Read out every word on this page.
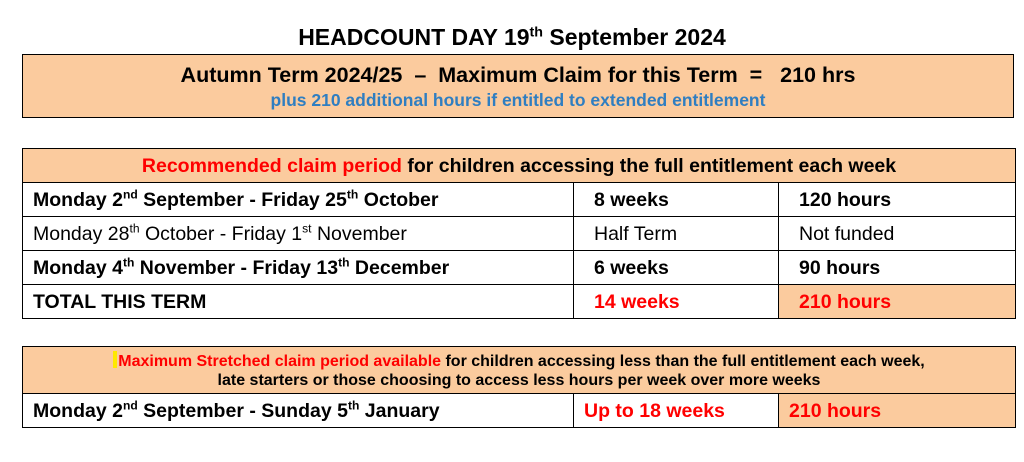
HEADCOUNT DAY 19th September 2024
Autumn Term 2024/25  –  Maximum Claim for this Term  =   210 hrs
plus 210 additional hours if entitled to extended entitlement
Recommended claim period for children accessing the full entitlement each week		
Monday 2nd September - Friday 25th October	8 weeks	120 hours
Monday 28th October - Friday 1st November	Half Term	Not funded
Monday 4th November - Friday 13th December	6 weeks	90 hours
TOTAL THIS TERM	14 weeks	210 hours
Maximum Stretched claim period available for children accessing less than the full entitlement each week,
late starters or those choosing to access less hours per week over more weeks
Monday 2nd September - Sunday 5th January	Up to 18 weeks	210 hours
